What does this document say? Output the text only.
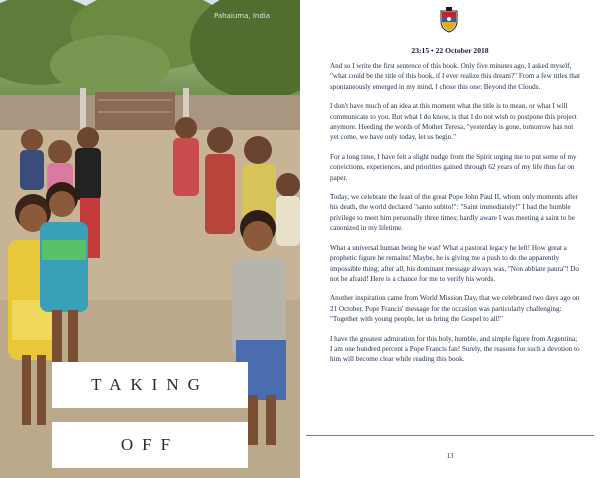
Pahaiuma, India
TAKING
OFF
23:15 • 22 October 2018

And so I write the first sentence of this book. Only five minutes ago, I asked myself, "what could be the title of this book, if I ever realize this dream?" From a few titles that spontaneously emerged in my mind, I chose this one: Beyond the Clouds.

I don't have much of an idea at this moment what the title is to mean, or what I will communicate to you. But what I do know, is that I do not wish to postpone this project anymore. Heeding the words of Mother Teresa, "yesterday is gone, tomorrow has not yet come, we have only today, let us begin."

For a long time, I have felt a slight nudge from the Spirit urging me to put some of my convictions, experiences, and priorities gained through 62 years of my life thus far on paper.

Today, we celebrate the feast of the great Pope John Paul II, whom only moments after his death, the world declared "santo subito!": "Saint immediately!" I had the humble privilege to meet him personally three times; hardly aware I was meeting a saint to be canonized in my lifetime.

What a universal human being he was! What a pastoral legacy he left! How great a prophetic figure he remains! Maybe, he is giving me a push to do the apparently impossible thing; after all, his dominant message always was, "Non abbiate paura"! Do not be afraid! Here is a chance for me to verify his words.

Another inspiration came from World Mission Day, that we celebrated two days ago on 21 October. Pope Francis' message for the occasion was particularly challenging: "Together with young people, let us bring the Gospel to all!"

I have the greatest admiration for this holy, humble, and simple figure from Argentina; I am one hundred percent a Pope Francis fan! Surely, the reasons for such a devotion to him will become clear while reading this book.

13
